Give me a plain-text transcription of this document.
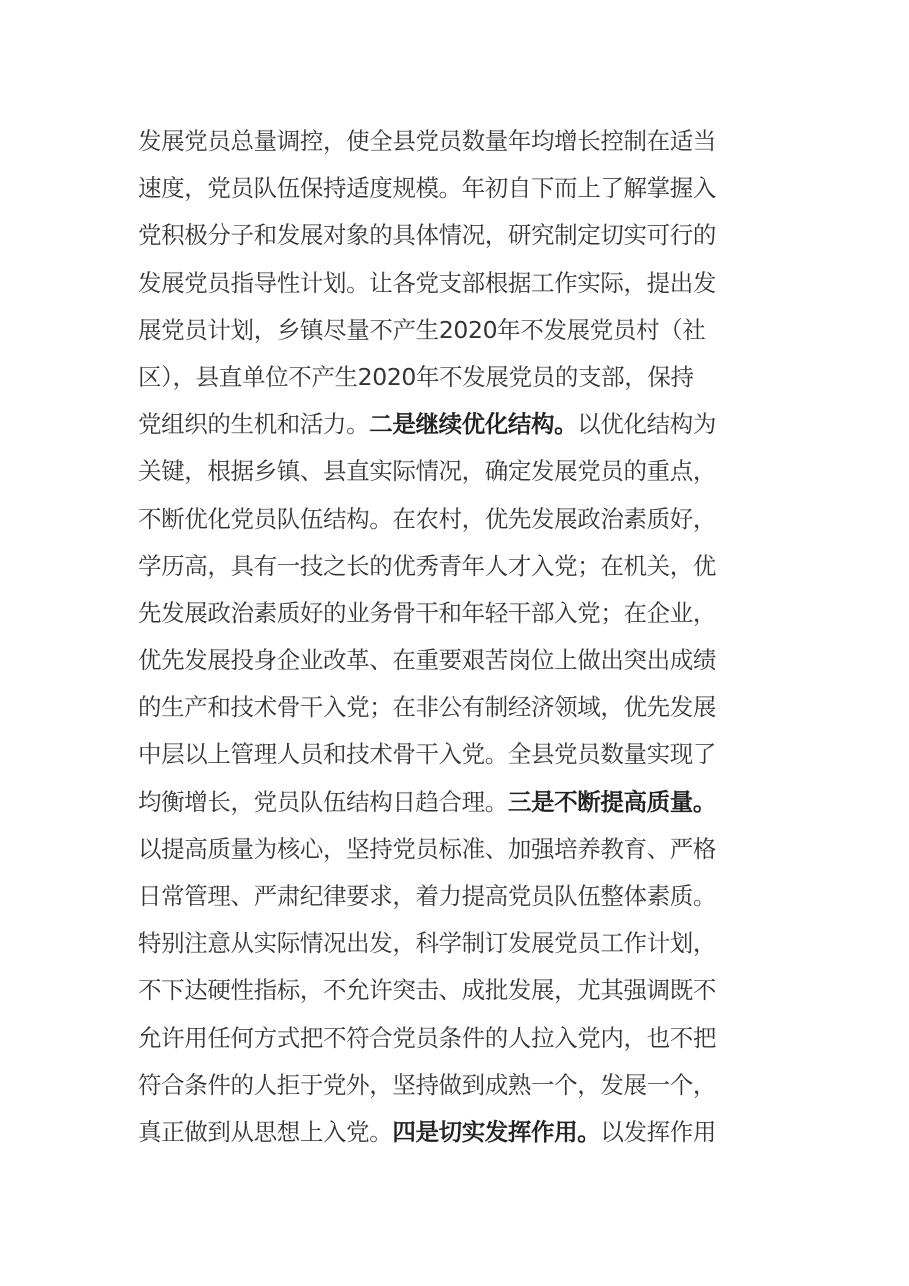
发展党员总量调控，使全县党员数量年均增长控制在适当
速度，党员队伍保持适度规模。年初自下而上了解掌握入
党积极分子和发展对象的具体情况，研究制定切实可行的
发展党员指导性计划。让各党支部根据工作实际，提出发
展党员计划，乡镇尽量不产生2020年不发展党员村（社
区），县直单位不产生2020年不发展党员的支部，保持
党组织的生机和活力。二是继续优化结构。以优化结构为
关键，根据乡镇、县直实际情况，确定发展党员的重点，
不断优化党员队伍结构。在农村，优先发展政治素质好，
学历高，具有一技之长的优秀青年人才入党；在机关，优
先发展政治素质好的业务骨干和年轻干部入党；在企业，
优先发展投身企业改革、在重要艰苦岗位上做出突出成绩
的生产和技术骨干入党；在非公有制经济领域，优先发展
中层以上管理人员和技术骨干入党。全县党员数量实现了
均衡增长，党员队伍结构日趋合理。三是不断提高质量。
以提高质量为核心，坚持党员标准、加强培养教育、严格
日常管理、严肃纪律要求，着力提高党员队伍整体素质。
特别注意从实际情况出发，科学制订发展党员工作计划，
不下达硬性指标，不允许突击、成批发展，尤其强调既不
允许用任何方式把不符合党员条件的人拉入党内，也不把
符合条件的人拒于党外，坚持做到成熟一个，发展一个，
真正做到从思想上入党。四是切实发挥作用。以发挥作用
